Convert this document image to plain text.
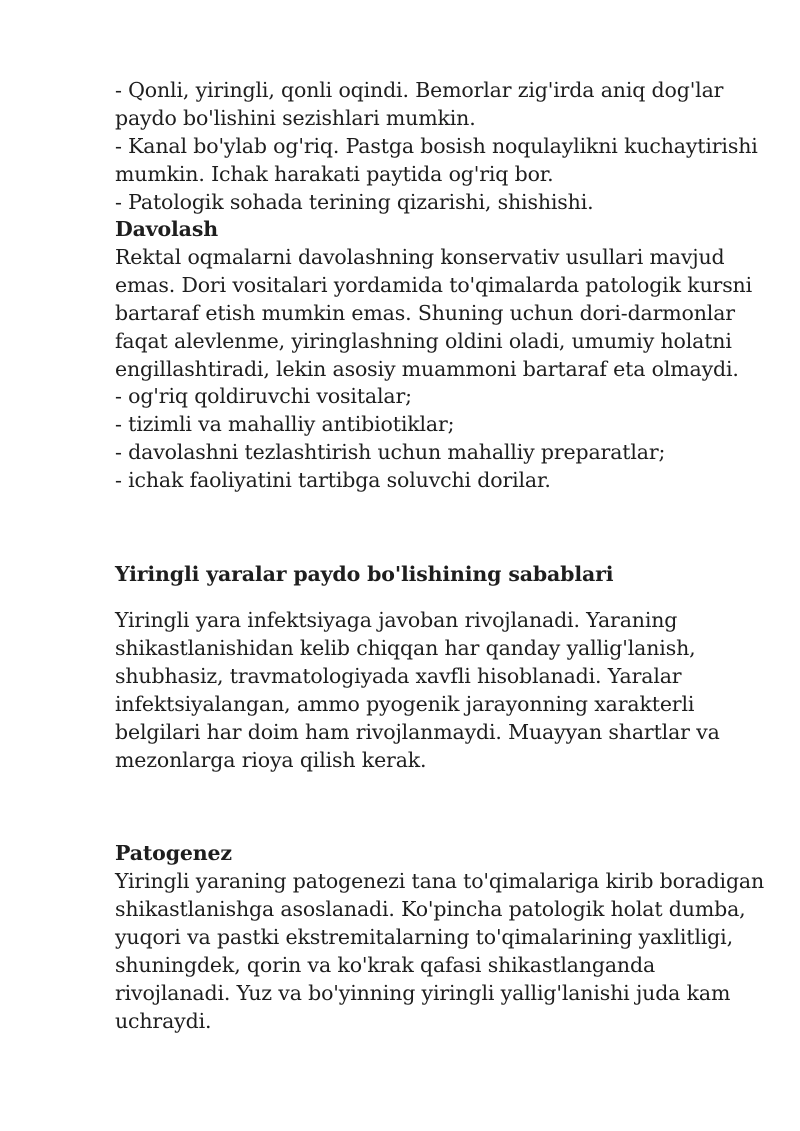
- Qonli, yiringli, qonli oqindi. Bemorlar zig'irda aniq dog'lar
paydo bo'lishini sezishlari mumkin.
- Kanal bo'ylab og'riq. Pastga bosish noqulaylikni kuchaytirishi
mumkin. Ichak harakati paytida og'riq bor.
- Patologik sohada terining qizarishi, shishishi.
Davolash
Rektal oqmalarni davolashning konservativ usullari mavjud
emas. Dori vositalari yordamida to'qimalarda patologik kursni
bartaraf etish mumkin emas. Shuning uchun dori-darmonlar
faqat alevlenme, yiringlashning oldini oladi, umumiy holatni
engillashtiradi, lekin asosiy muammoni bartaraf eta olmaydi.
- og'riq qoldiruvchi vositalar;
- tizimli va mahalliy antibiotiklar;
- davolashni tezlashtirish uchun mahalliy preparatlar;
- ichak faoliyatini tartibga soluvchi dorilar.
Yiringli yaralar paydo bo'lishining sabablari
Yiringli yara infektsiyaga javoban rivojlanadi. Yaraning
shikastlanishidan kelib chiqqan har qanday yallig'lanish,
shubhasiz, travmatologiyada xavfli hisoblanadi. Yaralar
infektsiyalangan, ammo pyogenik jarayonning xarakterli
belgilari har doim ham rivojlanmaydi. Muayyan shartlar va
mezonlarga rioya qilish kerak.
Patogenez
Yiringli yaraning patogenezi tana to'qimalariga kirib boradigan
shikastlanishga asoslanadi. Ko'pincha patologik holat dumba,
yuqori va pastki ekstremitalarning to'qimalarining yaxlitligi,
shuningdek, qorin va ko'krak qafasi shikastlanganda
rivojlanadi. Yuz va bo'yinning yiringli yallig'lanishi juda kam
uchraydi.
